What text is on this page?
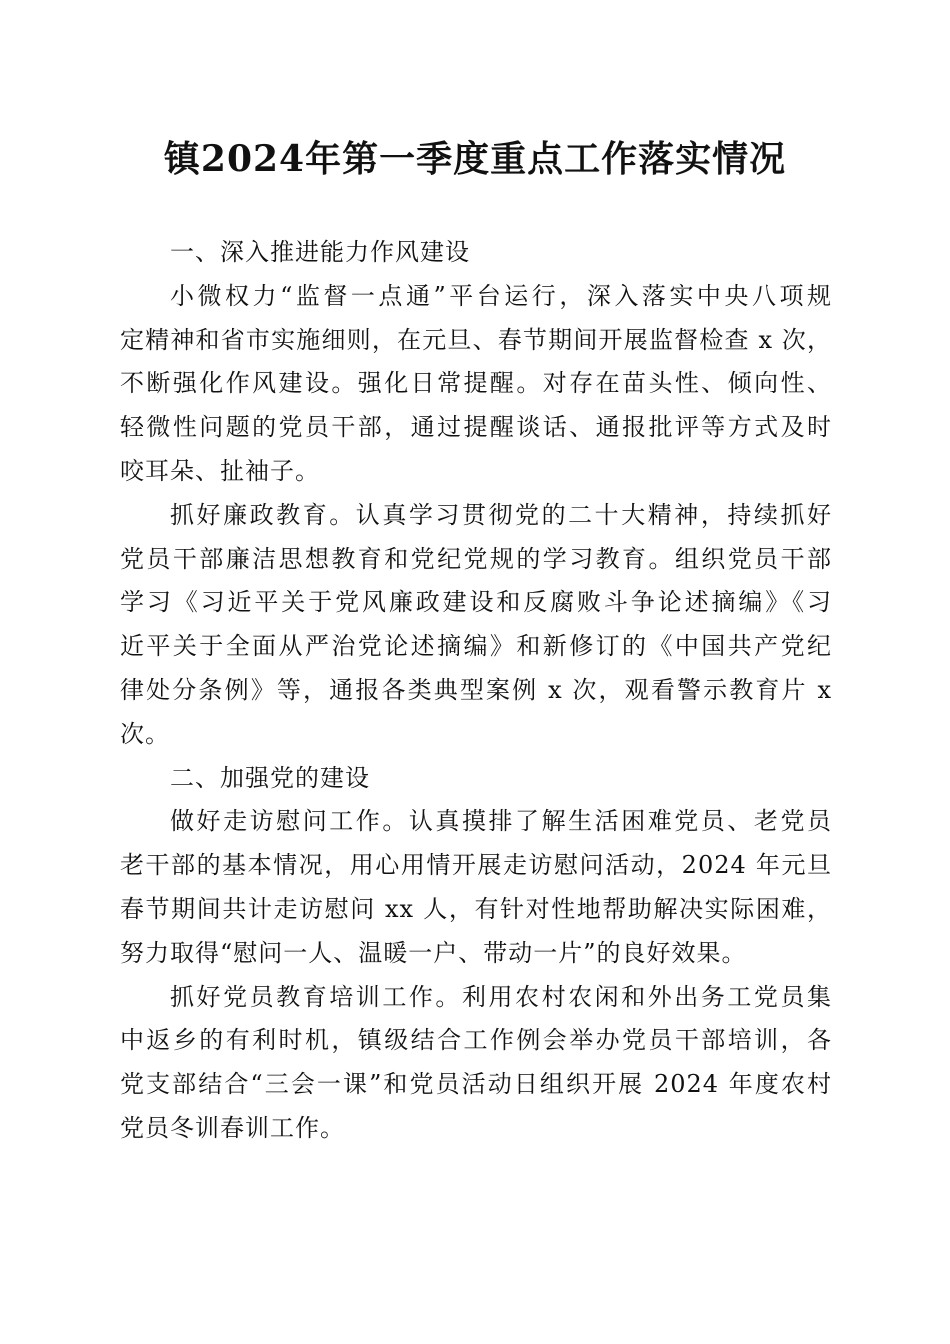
镇2024年第一季度重点工作落实情况
一、深入推进能力作风建设
小微权力“监督一点通”平台运行，深入落实中央八项规
定精神和省市实施细则，在元旦、春节期间开展监督检查 x 次，
不断强化作风建设。强化日常提醒。对存在苗头性、倾向性、
轻微性问题的党员干部，通过提醒谈话、通报批评等方式及时
咬耳朵、扯袖子。
抓好廉政教育。认真学习贯彻党的二十大精神，持续抓好
党员干部廉洁思想教育和党纪党规的学习教育。组织党员干部
学习《习近平关于党风廉政建设和反腐败斗争论述摘编》《习
近平关于全面从严治党论述摘编》和新修订的《中国共产党纪
律处分条例》等，通报各类典型案例 x 次，观看警示教育片 x
次。
二、加强党的建设
做好走访慰问工作。认真摸排了解生活困难党员、老党员
老干部的基本情况，用心用情开展走访慰问活动，2024 年元旦
春节期间共计走访慰问 xx 人，有针对性地帮助解决实际困难，
努力取得“慰问一人、温暖一户、带动一片”的良好效果。
抓好党员教育培训工作。利用农村农闲和外出务工党员集
中返乡的有利时机，镇级结合工作例会举办党员干部培训，各
党支部结合“三会一课”和党员活动日组织开展 2024 年度农村
党员冬训春训工作。
